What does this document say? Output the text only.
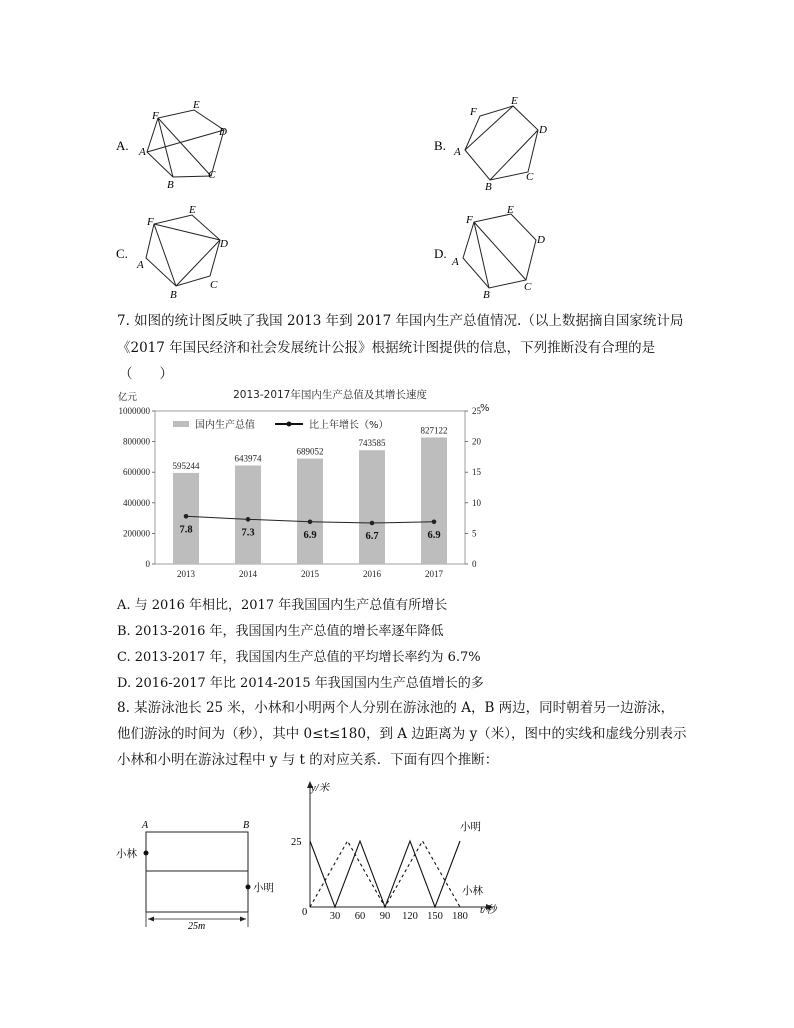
A.
F
E
D
A
C
B
B.
F
E
D
A
C
B
C.
F
E
D
A
C
B
D.
F
E
D
A
C
B
7. 如图的统计图反映了我国 2013 年到 2017 年国内生产总值情况.（以上数据摘自国家统计局
《2017 年国民经济和社会发展统计公报》根据统计图提供的信息，下列推断没有合理的是
（　　）
2013-2017年国内生产总值及其增长速度
亿元
%
国内生产总值	比上年增长（%）
595244
643974
689052
743585
827122
7.8	7.3	6.9	6.7	6.9
0
200000
400000
600000
800000
1000000
0
5
10
15
20
25
2013	2014	2015	2016	2017
A. 与 2016 年相比，2017 年我国国内生产总值有所增长
B. 2013-2016 年，我国国内生产总值的增长率逐年降低
C. 2013-2017 年，我国国内生产总值的平均增长率约为 6.7%
D. 2016-2017 年比 2014-2015 年我国国内生产总值增长的多
8. 某游泳池长 25 米，小林和小明两个人分别在游泳池的 A，B 两边，同时朝着另一边游泳，
他们游泳的时间为（秒），其中 0≤t≤180，到 A 边距离为 y（米），图中的实线和虚线分别表示
小林和小明在游泳过程中 y 与 t 的对应关系．下面有四个推断：
A	B
小林
小明
25m
30 60 90 120 150 180
y/米
t/秒
25
0
小明
小林
